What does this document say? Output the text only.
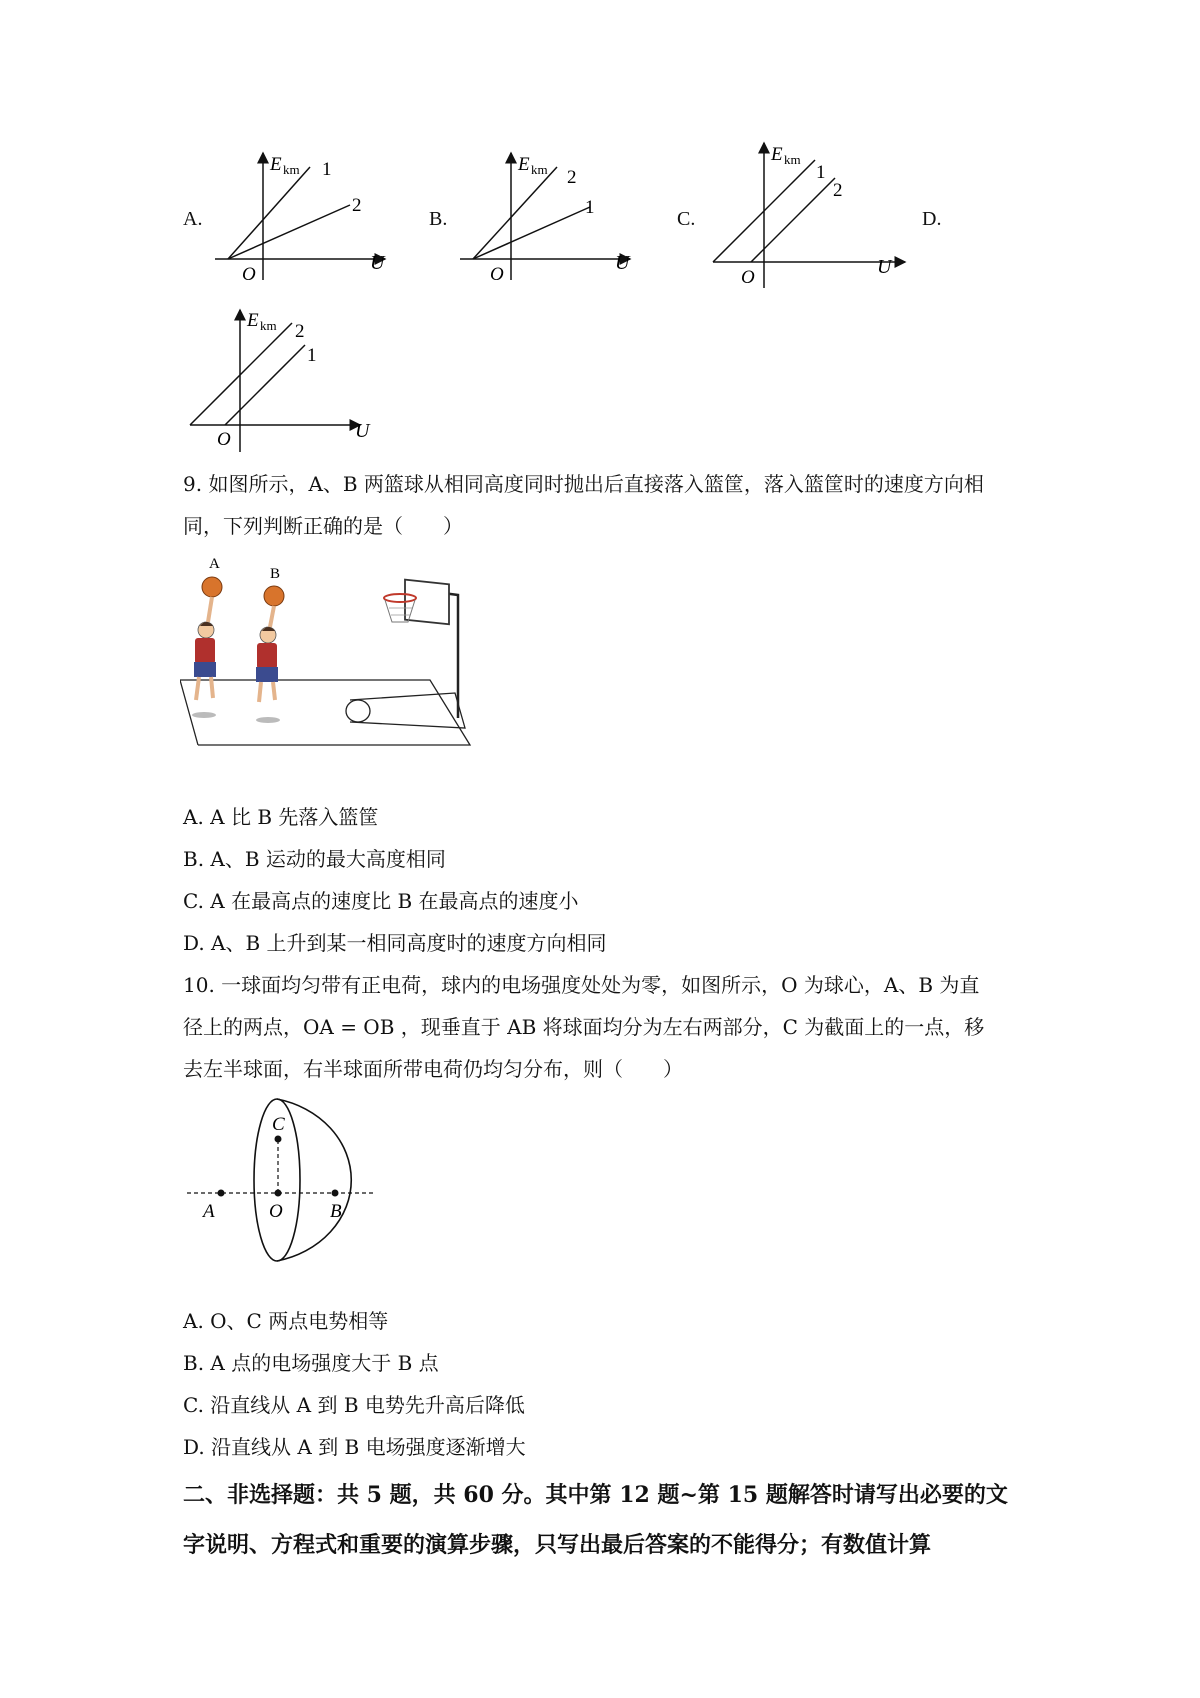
A.	B.	C.	D.
E km 1
2
O
U
E km 2
1
O
U
E km
1
2
O	U
E km 2
1
O	U
9. 如图所示，A、B 两篮球从相同高度同时抛出后直接落入篮筐，落入篮筐时的速度方向相
同，下列判断正确的是（　　）
A
B
A. A 比 B 先落入篮筐
B. A、B 运动的最大高度相同
C. A 在最高点的速度比 B 在最高点的速度小
D. A、B 上升到某一相同高度时的速度方向相同
10. 一球面均匀带有正电荷，球内的电场强度处处为零，如图所示，O 为球心，A、B 为直
径上的两点，OA = OB ，现垂直于 AB 将球面均分为左右两部分，C 为截面上的一点，移
去左半球面，右半球面所带电荷仍均匀分布，则（　　）
C
A	O B
A. O、C 两点电势相等
B. A 点的电场强度大于 B 点
C. 沿直线从 A 到 B 电势先升高后降低
D. 沿直线从 A 到 B 电场强度逐渐增大
二、非选择题：共 5 题，共 60 分。其中第 12 题~第 15 题解答时请写出必要的文
字说明、方程式和重要的演算步骤，只写出最后答案的不能得分；有数值计算
